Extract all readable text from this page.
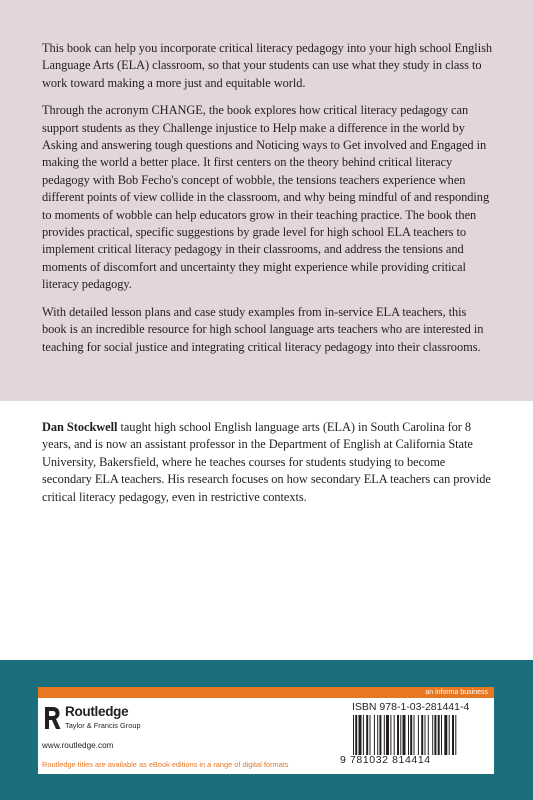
This book can help you incorporate critical literacy pedagogy into your high school English Language Arts (ELA) classroom, so that your students can use what they study in class to work toward making a more just and equitable world.

Through the acronym CHANGE, the book explores how critical literacy pedagogy can support students as they Challenge injustice to Help make a difference in the world by Asking and answering tough questions and Noticing ways to Get involved and Engaged in making the world a better place. It first centers on the theory behind critical literacy pedagogy with Bob Fecho's concept of wobble, the tensions teachers experience when different points of view collide in the classroom, and why being mindful of and responding to moments of wobble can help educators grow in their teaching practice. The book then provides practical, specific suggestions by grade level for high school ELA teachers to implement critical literacy pedagogy in their classrooms, and address the tensions and moments of discomfort and uncertainty they might experience while providing critical literacy pedagogy.

With detailed lesson plans and case study examples from in-service ELA teachers, this book is an incredible resource for high school language arts teachers who are interested in teaching for social justice and integrating critical literacy pedagogy into their classrooms.

Dan Stockwell taught high school English language arts (ELA) in South Carolina for 8 years, and is now an assistant professor in the Department of English at California State University, Bakersfield, where he teaches courses for students studying to become secondary ELA teachers. His research focuses on how secondary ELA teachers can provide critical literacy pedagogy, even in restrictive contexts.

an informa business
Routledge
Taylor & Francis Group
www.routledge.com
Routledge titles are available as eBook editions in a range of digital formats
ISBN 978-1-03-281441-4
9 781032 814414
